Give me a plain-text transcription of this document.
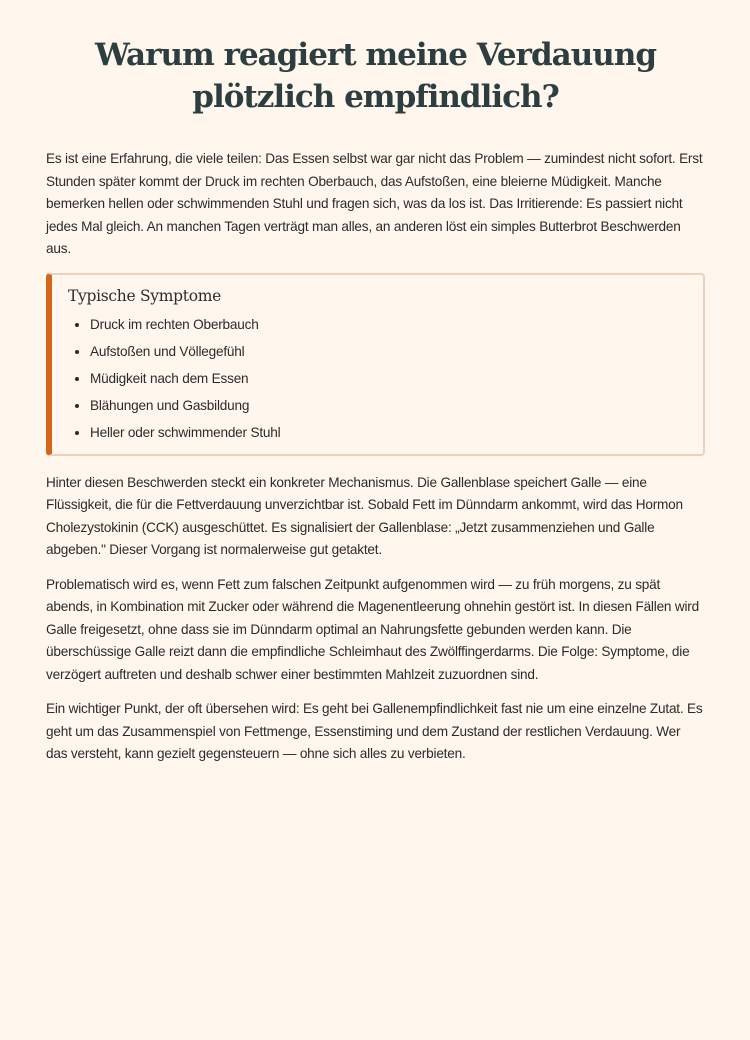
Warum reagiert meine Verdauung plötzlich empfindlich?

Es ist eine Erfahrung, die viele teilen: Das Essen selbst war gar nicht das Problem — zumindest nicht sofort. Erst Stunden später kommt der Druck im rechten Oberbauch, das Aufstoßen, eine bleierne Müdigkeit. Manche bemerken hellen oder schwimmenden Stuhl und fragen sich, was da los ist. Das Irritierende: Es passiert nicht jedes Mal gleich. An manchen Tagen verträgt man alles, an anderen löst ein simples Butterbrot Beschwerden aus.

Typische Symptome
• Druck im rechten Oberbauch
• Aufstoßen und Völlegefühl
• Müdigkeit nach dem Essen
• Blähungen und Gasbildung
• Heller oder schwimmender Stuhl

Hinter diesen Beschwerden steckt ein konkreter Mechanismus. Die Gallenblase speichert Galle — eine Flüssigkeit, die für die Fettverdauung unverzichtbar ist. Sobald Fett im Dünndarm ankommt, wird das Hormon Cholezystokinin (CCK) ausgeschüttet. Es signalisiert der Gallenblase: „Jetzt zusammenziehen und Galle abgeben." Dieser Vorgang ist normalerweise gut getaktet.

Problematisch wird es, wenn Fett zum falschen Zeitpunkt aufgenommen wird — zu früh morgens, zu spät abends, in Kombination mit Zucker oder während die Magenentleerung ohnehin gestört ist. In diesen Fällen wird Galle freigesetzt, ohne dass sie im Dünndarm optimal an Nahrungsfette gebunden werden kann. Die überschüssige Galle reizt dann die empfindliche Schleimhaut des Zwölffingerdarms. Die Folge: Symptome, die verzögert auftreten und deshalb schwer einer bestimmten Mahlzeit zuzuordnen sind.

Ein wichtiger Punkt, der oft übersehen wird: Es geht bei Gallenempfindlichkeit fast nie um eine einzelne Zutat. Es geht um das Zusammenspiel von Fettmenge, Essenstiming und dem Zustand der restlichen Verdauung. Wer das versteht, kann gezielt gegensteuern — ohne sich alles zu verbieten.
